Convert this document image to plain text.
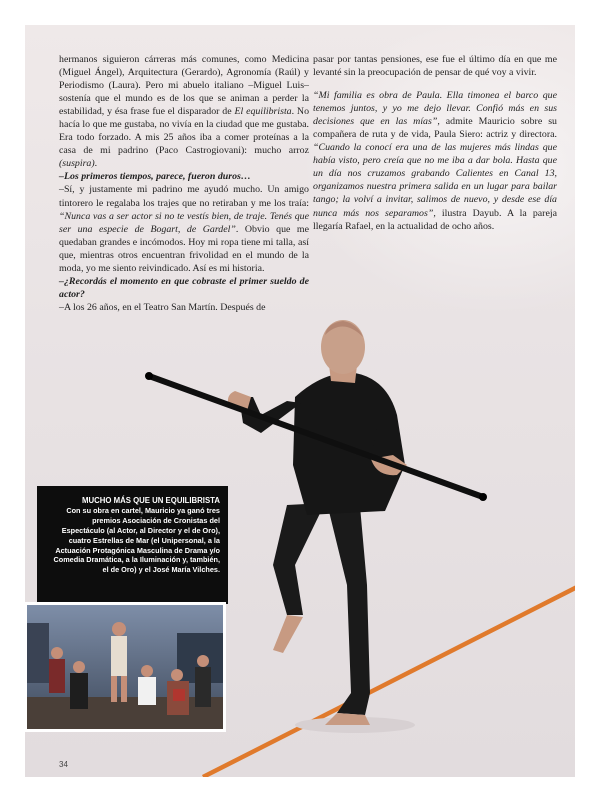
hermanos siguieron cárreras más comunes, como Medicina (Miguel Ángel), Arquitectura (Gerardo), Agronomía (Raúl) y Periodismo (Laura). Pero mi abuelo italiano –Miguel Luis– sostenía que el mundo es de los que se animan a perder la estabilidad, y ésa frase fue el disparador de El equilibrista. No hacía lo que me gustaba, no vivía en la ciudad que me gustaba. Era todo forzado. A mis 25 años iba a comer proteínas a la casa de mi padrino (Paco Castrogiovani): mucho arroz (suspira).

–Los primeros tiempos, parece, fueron duros…

–Sí, y justamente mi padrino me ayudó mucho. Un amigo tintorero le regalaba los trajes que no retiraban y me los traía: “Nunca vas a ser actor si no te vestís bien, de traje. Tenés que ser una especie de Bogart, de Gardel”. Obvio que me quedaban grandes e incómodos. Hoy mi ropa tiene mi talla, así que, mientras otros encuentran frivolidad en el mundo de la moda, yo me siento reivindicado. Así es mi historia.

–¿Recordás el momento en que cobraste el primer sueldo de actor?

–A los 26 años, en el Teatro San Martín. Después de

pasar por tantas pensiones, ese fue el último día en que me levanté sin la preocupación de pensar de qué voy a vivir.

“Mi familia es obra de Paula. Ella timonea el barco que tenemos juntos, y yo me dejo llevar. Confió más en sus decisiones que en las mías”, admite Mauricio sobre su compañera de ruta y de vida, Paula Siero: actriz y directora. “Cuando la conocí era una de las mujeres más lindas que había visto, pero creía que no me iba a dar bola. Hasta que un día nos cruzamos grabando Calientes en Canal 13, organizamos nuestra primera salida en un lugar para bailar tango; la volví a invitar, salimos de nuevo, y desde ese día nunca más nos separamos”, ilustra Dayub. A la pareja llegaría Rafael, en la actualidad de ocho años.

MUCHO MÁS QUE UN EQUILIBRISTA
Con su obra en cartel, Mauricio ya ganó tres premios Asociación de Cronistas del Espectáculo (al Actor, al Director y el de Oro), cuatro Estrellas de Mar (el Unipersonal, a la Actuación Protagónica Masculina de Drama y/o Comedia Dramática, a la Iluminación y, también, el de Oro) y el José María Vilches.
34
